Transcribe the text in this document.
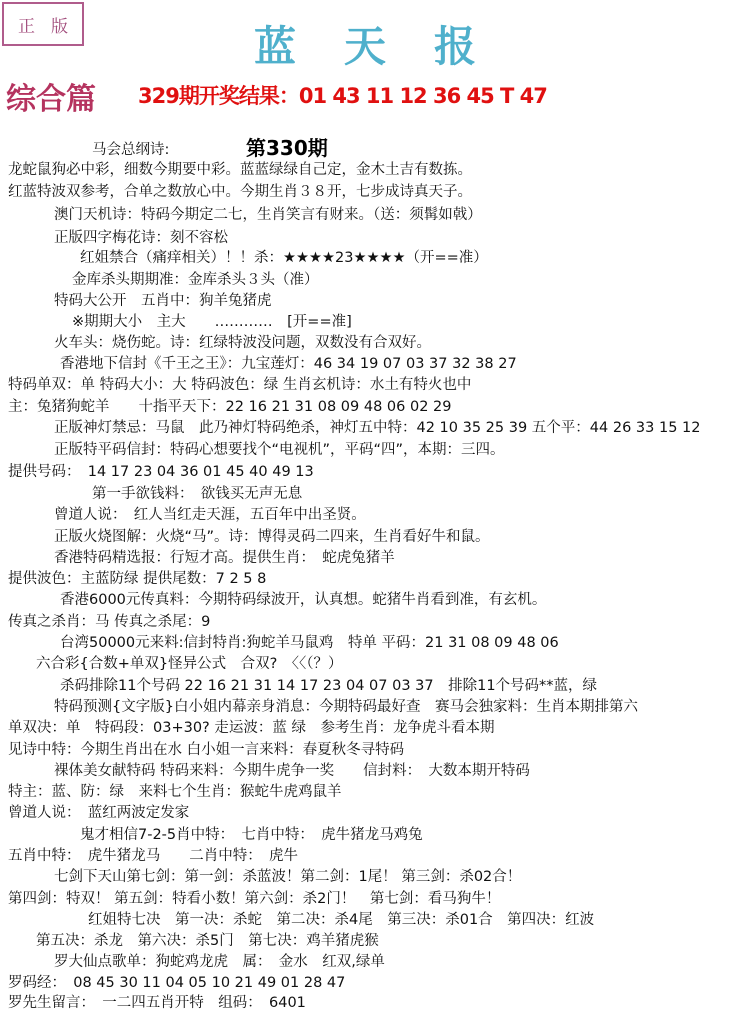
正 版	蓝天报
综合篇 329期开奖结果：01 43 11 12 36 45 T 47
第330期
马会总纲诗:
龙蛇鼠狗必中彩，细数今期要中彩。蓝蓝绿绿自己定，金木土吉有数拣。
红蓝特波双参考，合单之数放心中。今期生肖３８开，七步成诗真天子。
澳门天机诗：特码今期定二七，生肖笑言有财来。（送：须髯如戟）
正版四字梅花诗：刻不容松
红姐禁合（痛痒相关）！！杀：★★★★23★★★★（开==准）
金库杀头期期准：金库杀头３头（准）
特码大公开　五肖中：狗羊兔猪虎
※期期大小　主大　　…………　[开==准]
火车头：烧伤蛇。诗：红绿特波没问题，双数没有合双好。
香港地下信封《千王之王》：九宝莲灯：46 34 19 07 03 37 32 38 27
特码单双：单 特码大小：大 特码波色：绿 生肖玄机诗：水土有特火也中
主：兔猪狗蛇羊　　十指平天下：22 16 21 31 08 09 48 06 02 29
正版神灯禁忌：马鼠　此乃神灯特码绝杀，神灯五中特：42 10 35 25 39 五个平：44 26 33 15 12
正版特平码信封：特码心想要找个“电视机”，平码“四”，本期：三四。
提供号码：　14 17 23 04 36 01 45 40 49 13
第一手欲钱料：　欲钱买无声无息
曾道人说：　红人当红走天涯，五百年中出圣贤。
正版火烧图解：火烧“马”。诗：博得灵码二四来，生肖看好牛和鼠。
香港特码精选报：行短才高。提供生肖：　蛇虎兔猪羊
提供波色：主蓝防绿 提供尾数：7 2 5 8
香港6000元传真料：今期特码绿波开，认真想。蛇猪牛肖看到准，有玄机。
传真之杀肖：马 传真之杀尾：9
台湾50000元来料:信封特肖:狗蛇羊马鼠鸡　特单 平码：21 31 08 09 48 06
六合彩{合数+单双}怪异公式　合双?　〈〈（？）
杀码排除11个号码 22 16 21 31 14 17 23 04 07 03 37　排除11个号码**蓝，绿
特码预测{文字版}白小姐内幕亲身消息：今期特码最好查　赛马会独家料：生肖本期排第六
单双决：单　特码段：03+30? 走运波：蓝 绿　参考生肖：龙争虎斗看本期
见诗中特：今期生肖出在水 白小姐一言来料：春夏秋冬寻特码
裸体美女献特码 特码来料：今期牛虎争一奖　　信封料：　大数本期开特码
特主：蓝、防：绿　来料七个生肖：猴蛇牛虎鸡鼠羊
曾道人说：　蓝红两波定发家
鬼才相信7-2-5肖中特：　七肖中特：　虎牛猪龙马鸡兔
五肖中特：　虎牛猪龙马　　二肖中特：　虎牛
七剑下天山第七剑：第一剑：杀蓝波！第二剑：1尾！ 第三剑：杀02合！
第四剑：特双！ 第五剑：特看小数！第六剑：杀2门！　第七剑：看马狗牛！
红姐特七决　第一决：杀蛇　第二决：杀4尾　第三决：杀01合　第四决：红波
第五决：杀龙　第六决：杀5门　第七决：鸡羊猪虎猴
罗大仙点歌单：狗蛇鸡龙虎　属：　金水　红双,绿单
罗码经：　08 45 30 11 04 05 10 21 49 01 28 47
罗先生留言：　一二四五肖开特　组码：　6401
